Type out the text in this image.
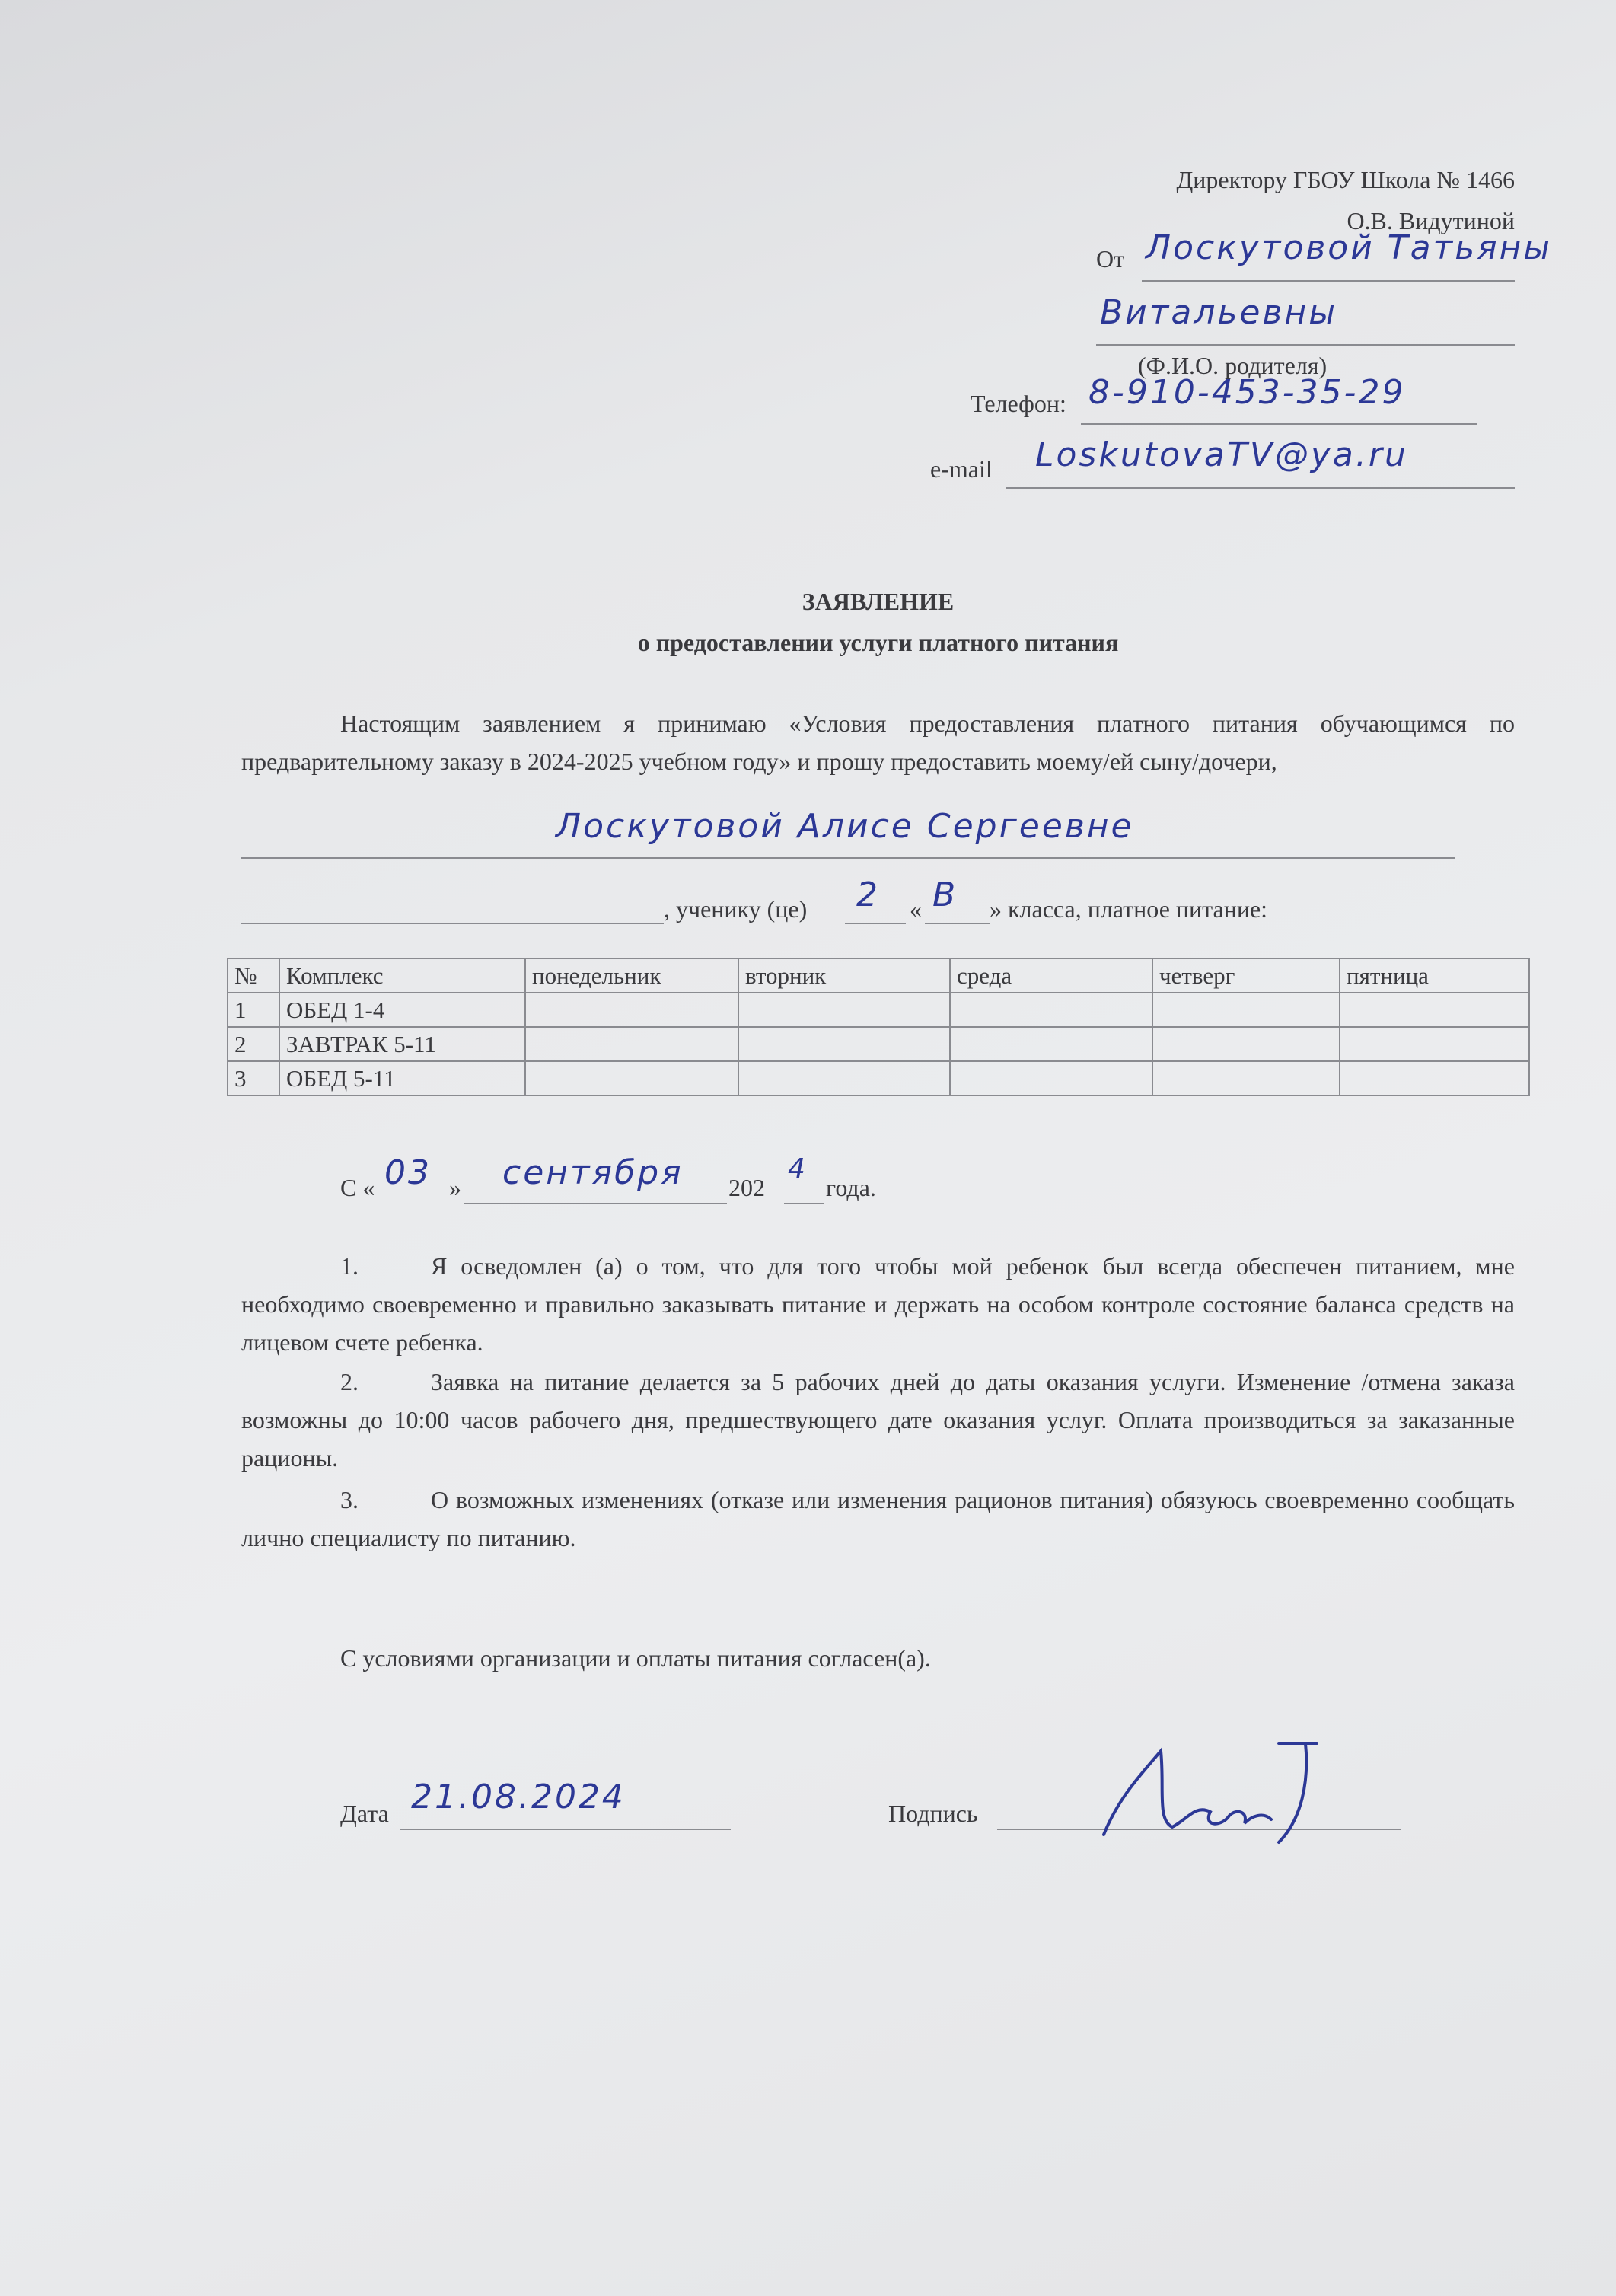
Директору ГБОУ Школа № 1466
О.В. Видутиной
От Лоскутовой Татьяны
Витальевны
(Ф.И.О. родителя)
Телефон: 8-910-453-35-29
e-mail LoskutovaTV@ya.ru
ЗАЯВЛЕНИЕ
о предоставлении услуги платного питания
Настоящим заявлением я принимаю «Условия предоставления платного питания обучающимся по предварительному заказу в 2024-2025 учебном году» и прошу предоставить моему/ей сыну/дочери,
Лоскутовой Алисе Сергеевне
, ученику (це) 2 « В » класса, платное питание:
№	Комплекс	понедельник	вторник	среда	четверг	пятница
1	ОБЕД 1-4					
2	ЗАВТРАК 5-11					
3	ОБЕД 5-11					
С « 03 » сентября 202
4
года.
1.	Я осведомлен (а) о том, что для того чтобы мой ребенок был всегда обеспечен питанием, мне необходимо своевременно и правильно заказывать питание и держать на особом контроле состояние баланса средств на лицевом счете ребенка.
2.	Заявка на питание делается за 5 рабочих дней до даты оказания услуги. Изменение /отмена заказа возможны до 10:00 часов рабочего дня, предшествующего дате оказания услуг. Оплата производиться за заказанные рационы.
3.	О возможных изменениях (отказе или изменения рационов питания) обязуюсь своевременно сообщать лично специалисту по питанию.
С условиями организации и оплаты питания согласен(а).
Дата 21.08.2024	Подпись
